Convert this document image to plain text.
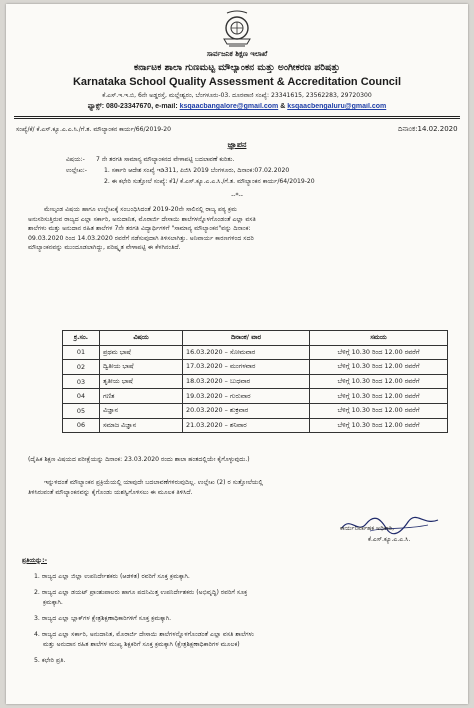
ಸಾರ್ವಜನಿಕ ಶಿಕ್ಷಣ ಇಲಾಖೆ
ಕರ್ನಾಟಕ ಶಾಲಾ ಗುಣಮಟ್ಟ ಮೌಲ್ಯಾಂಕನ ಮತ್ತು ಅಂಗೀಕರಣ ಪರಿಷತ್ತು
Karnataka School Quality Assessment & Accreditation Council
ಕೆ.ಎಸ್.ಇ.ಇ.ಬಿ, 6ನೇ ಅಡ್ಡರಸ್ತೆ, ಮಲ್ಲೇಶ್ವರಂ, ಬೆಂಗಳೂರು-03. ದೂರವಾಣಿ ಸಂಖ್ಯೆ: 23341615, 23562283, 29720300
ಫ್ಯಾಕ್ಸ್: 080-23347670, e-mail: ksqaacbangalore@gmail.com & ksqaacbengaluru@gmail.com
ಸಂಖ್ಯೆ/ಕೆ/ ಕೆ.ಎಸ್.ಕ್ಯೂ.ಎ.ಎ.ಸಿ./ಗೆ.ತ. ಮೌಲ್ಯಾಂಕನ ಕಾರ್ಯ/66/2019-20	ದಿನಾಂಕ:14.02.2020
ಜ್ಞಾಪನ
ವಿಷಯ:- 7 ನೇ ತರಗತಿ ಸಾಮಾನ್ಯ ಮೌಲ್ಯಾಂಕನದ ವೇಳಾಪಟ್ಟಿ ಬದಲಾವಣೆ ಕುರಿತು.
ಉಲ್ಲೇಖ:-	1. ಸರ್ಕಾರಿ ಆದೇಶ ಸಂಖ್ಯೆ ಇಡಿ311, ಪಿಜಿಸಿ 2019 ಬೆಂಗಳೂರು, ದಿನಾಂಕ:07.02.2020
2. ಈ ಕಛೇರಿ ಸುತ್ತೋಲೆ ಸಂಖ್ಯೆ: ಕೆ1/ ಕೆ.ಎಸ್.ಕ್ಯೂ.ಎ.ಎ.ಸಿ./ಗೆ.ತ. ಮೌಲ್ಯಾಂಕನ ಕಾರ್ಯ/64/2019-20
--*--
ಮೇಲ್ಕಂಡ ವಿಷಯ ಹಾಗೂ ಉಲ್ಲೇಖಕ್ಕೆ ಸಂಬಂಧಿಸಿದಂತೆ 2019-20ನೇ ಸಾಲಿನಲ್ಲಿ ರಾಜ್ಯ ಪಠ್ಯ ಕ್ರಮ
ಅನುಸರಿಸುತ್ತಿರುವ ರಾಜ್ಯದ ಎಲ್ಲಾ ಸರ್ಕಾರಿ, ಅನುದಾನಿತ, ಮೊರಾರ್ಜಿ ದೇಸಾಯಿ ಶಾಲೆಗಳನ್ನೊಳಗೊಂಡಂತೆ ಎಲ್ಲಾ ವಸತಿ
ಶಾಲೆಗಳು ಮತ್ತು ಅನುದಾನ ರಹಿತ ಶಾಲೆಗಳ 7ನೇ ತರಗತಿ ವಿದ್ಯಾರ್ಥಿಗಳಿಗೆ "ಸಾಮಾನ್ಯ ಮೌಲ್ಯಾಂಕನ"ವನ್ನು ದಿನಾಂಕ:
09.03.2020 ರಿಂದ 14.03.2020 ರವರೆಗೆ ನಡೆಸುವುದಾಗಿ ತಿಳಿಸಲಾಗಿತ್ತು. ಅನಿವಾರ್ಯ ಕಾರಣಗಳಿಂದ ಸದರಿ
ಮೌಲ್ಯಾಂಕನವನ್ನು ಮುಂದೂಡಲಾಗಿದ್ದು, ಪರಿಷ್ಕೃತ ವೇಳಾಪಟ್ಟಿ ಈ ಕೆಳಗಿನಂತಿದೆ.
ಕ್ರ.ಸಂ.	ವಿಷಯ	ದಿನಾಂಕ/ ವಾರ	ಸಮಯ
01	ಪ್ರಥಮ ಭಾಷೆ	16.03.2020 – ಸೋಮವಾರ	ಬೆಳಿಗ್ಗೆ 10.30 ರಿಂದ 12.00 ರವರೆಗೆ
02	ದ್ವಿತೀಯ ಭಾಷೆ	17.03.2020 – ಮಂಗಳವಾರ	ಬೆಳಿಗ್ಗೆ 10.30 ರಿಂದ 12.00 ರವರೆಗೆ
03	ತೃತೀಯ ಭಾಷೆ	18.03.2020 – ಬುಧವಾರ	ಬೆಳಿಗ್ಗೆ 10.30 ರಿಂದ 12.00 ರವರೆಗೆ
04	ಗಣಿತ	19.03.2020 – ಗುರುವಾರ	ಬೆಳಿಗ್ಗೆ 10.30 ರಿಂದ 12.00 ರವರೆಗೆ
05	ವಿಜ್ಞಾನ	20.03.2020 – ಶುಕ್ರವಾರ	ಬೆಳಿಗ್ಗೆ 10.30 ರಿಂದ 12.00 ರವರೆಗೆ
06	ಸಮಾಜ ವಿಜ್ಞಾನ	21.03.2020 – ಶನಿವಾರ	ಬೆಳಿಗ್ಗೆ 10.30 ರಿಂದ 12.00 ರವರೆಗೆ
(ದೈಹಿಕ ಶಿಕ್ಷಣ ವಿಷಯದ ಪರೀಕ್ಷೆಯನ್ನು ದಿನಾಂಕ: 23.03.2020 ರಂದು ಶಾಲಾ ಹಂತದಲ್ಲಿಯೇ ಕೈಗೊಳ್ಳುವುದು.)
ಇನ್ನುಳಿದಂತೆ ಮೌಲ್ಯಾಂಕನ ಪ್ರಕ್ರಿಯೆಯಲ್ಲಿ ಯಾವುದೇ ಬದಲಾವಣೆಗಳಿರುವುದಿಲ್ಲ. ಉಲ್ಲೇಖ (2) ರ ಸುತ್ತೋಲೆಯಲ್ಲಿ
ತಿಳಿಸಿರುವಂತೆ ಮೌಲ್ಯಾಂಕನವನ್ನು ಕೈಗೊಂಡು ಯಶಸ್ವಿಗೊಳಿಸಲು ಈ ಮೂಲಕ ತಿಳಿಸಿದೆ.
ಕಾರ್ಯನಿರ್ವಾಹಕ ಅಧಿಕಾರಿ,
ಕೆ.ಎಸ್.ಕ್ಯೂ.ಎ.ಎ.ಸಿ.
ಪ್ರತಿಯನ್ನು:-
1. ರಾಜ್ಯದ ಎಲ್ಲಾ ಜಿಲ್ಲಾ ಉಪನಿರ್ದೇಶಕರು (ಆಡಳಿತ) ರವರಿಗೆ ಸೂಕ್ತ ಕ್ರಮಕ್ಕಾಗಿ.
2. ರಾಜ್ಯದ ಎಲ್ಲಾ ಡಯಟ್ ಪ್ರಾಂಶುಪಾಲರು ಹಾಗೂ ಪದನಿಮಿತ್ತ ಉಪನಿರ್ದೇಶಕರು (ಅಭಿವೃದ್ಧಿ) ರವರಿಗೆ ಸೂಕ್ತ
ಕ್ರಮಕ್ಕಾಗಿ.
3. ರಾಜ್ಯದ ಎಲ್ಲಾ ಬ್ಲಾಕ್‌ಗಳ ಕ್ಷೇತ್ರಶಿಕ್ಷಣಾಧಿಕಾರಿಗಳಿಗೆ ಸೂಕ್ತ ಕ್ರಮಕ್ಕಾಗಿ.
4. ರಾಜ್ಯದ ಎಲ್ಲಾ ಸರ್ಕಾರಿ, ಅನುದಾನಿತ, ಮೊರಾರ್ಜಿ ದೇಸಾಯಿ ಶಾಲೆಗಳನ್ನೊಳಗೊಂಡಂತೆ ಎಲ್ಲಾ ವಸತಿ ಶಾಲೆಗಳು
ಮತ್ತು ಅನುದಾನ ರಹಿತ ಶಾಲೆಗಳ ಮುಖ್ಯ ಶಿಕ್ಷಕರಿಗೆ ಸೂಕ್ತ ಕ್ರಮಕ್ಕಾಗಿ (ಕ್ಷೇತ್ರಶಿಕ್ಷಣಾಧಿಕಾರಿಗಳ ಮೂಲಕ)
5. ಕಛೇರಿ ಪ್ರತಿ.
